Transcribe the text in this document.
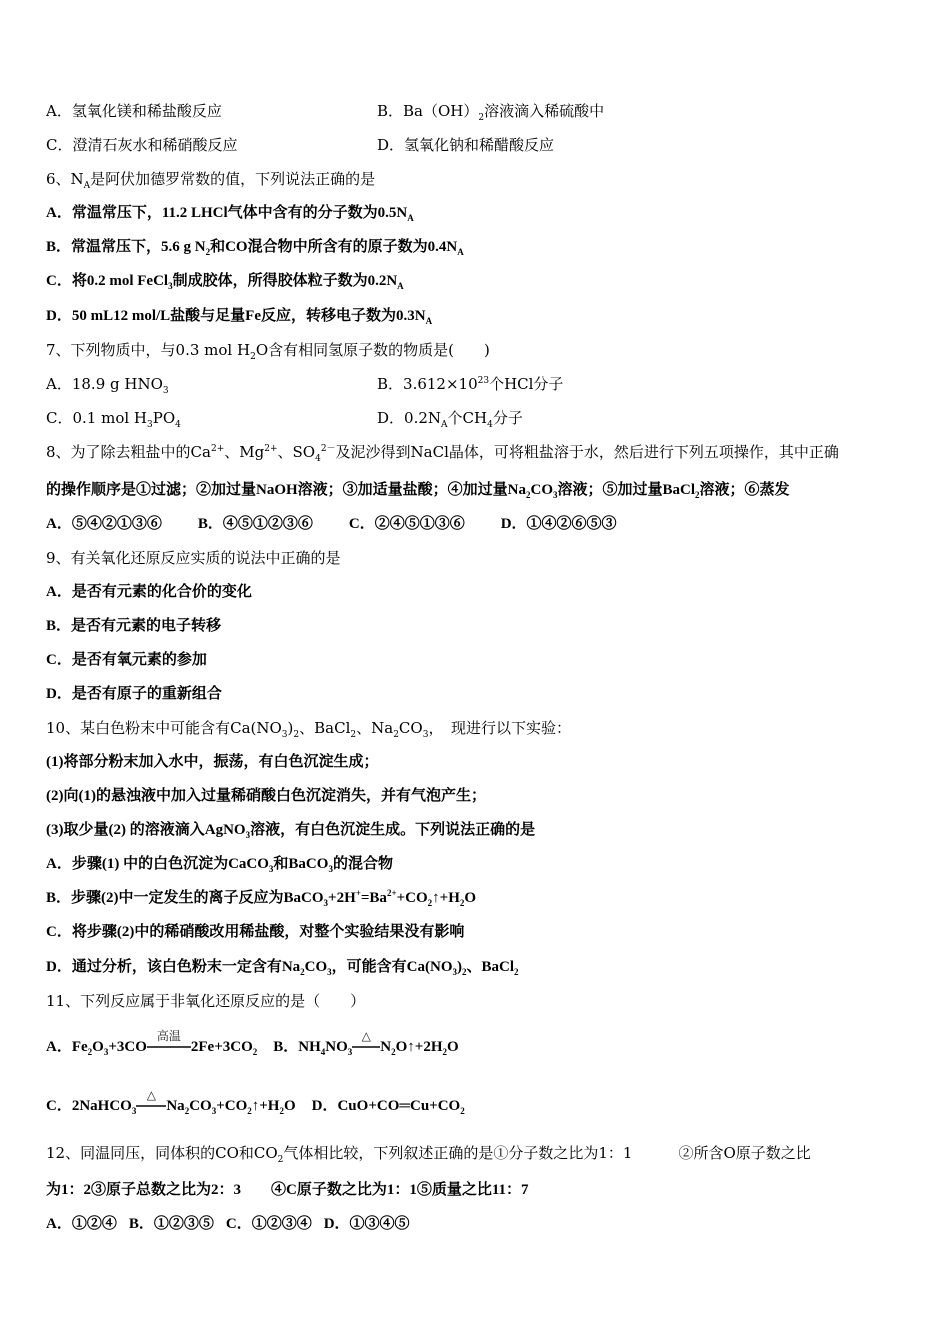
A．氢氧化镁和稀盐酸反应	B．$Ba(OH)_2$溶液滴入稀硫酸中
C．澄清石灰水和稀硝酸反应	D．氢氧化钠和稀醋酸反应
6、$N_A$是阿伏加德罗常数的值，下列说法正确的是
A．常温常压下，11.2 LHCl气体中含有的分子数为$0.5N_A$
B．常温常压下，5.6 g $N_2$和CO混合物中所含有的原子数为$0.4N_A$
C．将0.2 mol FeCl$_3$制成胶体，所得胶体粒子数为$0.2N_A$
D．50 mL12 mol/L盐酸与足量Fe反应，转移电子数为$0.3N_A$
7、下列物质中，与0.3 mol $H_2O$含有相同氢原子数的物质是(　　)
A．18.9 g $HNO_3$	B．$3.612\times 10^{23}$个HCl分子
C．0.1 mol $H_3PO_4$	D．$0.2N_A$个$CH_4$分子
8、为了除去粗盐中的$Ca^{2+}$、$Mg^{2+}$、$SO_4^{2-}$及泥沙得到NaCl晶体，可将粗盐溶于水，然后进行下列五项操作，其中正确
的操作顺序是①过滤；②加过量NaOH溶液；③加适量盐酸；④加过量$Na_2CO_3$溶液；⑤加过量BaCl$_2$溶液；⑥蒸发
A．⑤④②①③⑥ B．④⑤①②③⑥ C．②④⑤①③⑥ D．①④②⑥⑤③
9、有关氧化还原反应实质的说法中正确的是
A．是否有元素的化合价的变化
B．是否有元素的电子转移
C．是否有氧元素的参加
D．是否有原子的重新组合
10、某白色粉末中可能含有$Ca(NO_3)_2$、BaCl$_2$、$Na_2CO_3$，　现进行以下实验：
(1)将部分粉末加入水中，振荡，有白色沉淀生成；
(2)向(1)的悬浊液中加入过量稀硝酸白色沉淀消失，并有气泡产生；
(3)取少量(2) 的溶液滴入AgNO$_3$溶液，有白色沉淀生成。下列说法正确的是
A．步骤(1) 中的白色沉淀为CaCO$_3$和BaCO$_3$的混合物
B．步骤(2)中一定发生的离子反应为$BaCO_3+2H^+=Ba^{2+}+CO_2↑+H_2O$
C．将步骤(2)中的稀硝酸改用稀盐酸，对整个实验结果没有影响
D．通过分析，该白色粉末一定含有$Na_2CO_3$，可能含有$Ca(NO_3)_2$、BaCl$_2$
11、下列反应属于非氧化还原反应的是（　　）
A．$Fe_2O_3+3CO$
高温
$2Fe+3CO_2$ B．$NH_4NO_3$
△
$N_2O↑+2H_2O$
C．2NaHCO$_3$
△
$Na_2CO_3+CO_2↑+H_2O$ D．$CuO+CO═Cu+CO_2$
12、同温同压，同体积的CO和$CO_2$气体相比较，下列叙述正确的是①分子数之比为1：1	②所含O原子数之比
为1：2③原子总数之比为2：3　　④C原子数之比为1：1⑤质量之比11：7
A．①②④ B．①②③⑤ C．①②③④ D．①③④⑤
